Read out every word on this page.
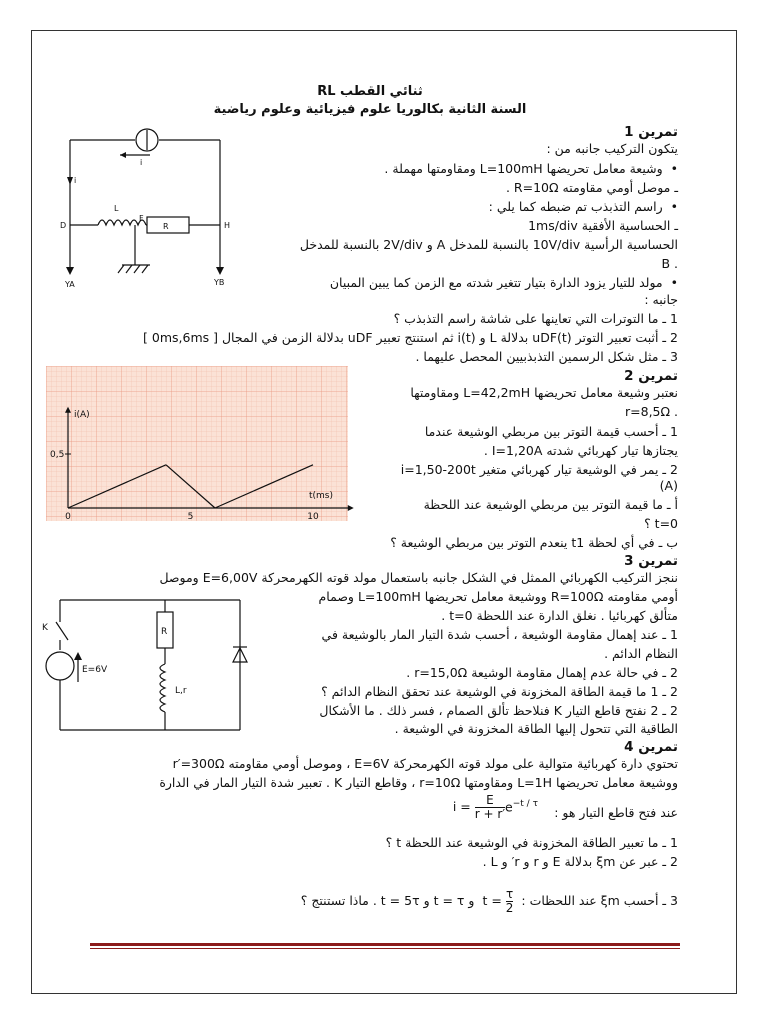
ثنائي القطب RL
السنة الثانية بكالوريا علوم فيزيائية وعلوم رياضية
i
i
L
R
D
F
H
YA	YB
تمرين 1
يتكون التركيب جانبه من :
• وشيعة معامل تحريضها L=100mH ومقاومتها مهملة .
ـ موصل أومي مقاومته R=10Ω .
• راسم التذبذب تم ضبطه كما يلي :
ـ الحساسية الأفقية 1ms/div
الحساسية الرأسية 10V/div بالنسبة للمدخل A و 2V/div بالنسبة للمدخل
. B
• مولد للتيار يزود الدارة بتيار تتغير شدته مع الزمن كما يبين المبيان
جانبه :
1 ـ ما التوترات التي تعاينها على شاشة راسم التذبذب ؟
2 ـ أثبت تعبير التوتر uDF(t) بدلالة L و i(t) ثم استنتج تعبير uDF بدلالة الزمن في المجال [ 0ms,6ms ]
3 ـ مثل شكل الرسمين التذبذبيين المحصل عليهما .
0,5
0	5	10
i(A)
t(ms)
تمرين 2
نعتبر وشيعة معامل تحريضها L=42,2mH ومقاومتها
. r=8,5Ω
1 ـ أحسب قيمة التوتر بين مربطي الوشيعة عندما
يجتازها تيار كهربائي شدته I=1,20A .
2 ـ يمر في الوشيعة تيار كهربائي متغير i=1,50-200t
(A)
أ ـ ما قيمة التوتر بين مربطي الوشيعة عند اللحظة
t=0 ؟
ب ـ في أي لحظة t1 ينعدم التوتر بين مربطي الوشيعة ؟
تمرين 3
ننجز التركيب الكهربائي الممثل في الشكل جانبه باستعمال مولد قوته الكهرمحركة E=6,00V وموصل
أومي مقاومته R=100Ω ووشيعة معامل تحريضها L=100mH وصمام
متألق كهربائيا . نغلق الدارة عند اللحظة t=0 .
1 ـ عند إهمال مقاومة الوشيعة ، أحسب شدة التيار المار بالوشيعة في
النظام الدائم .
2 ـ في حالة عدم إهمال مقاومة الوشيعة r=15,0Ω .
2 ـ 1 ما قيمة الطاقة المخزونة في الوشيعة عند تحقق النظام الدائم ؟
2 ـ 2 نفتح قاطع التيار K فنلاحظ تألق الصمام ، فسر ذلك . ما الأشكال
الطاقية التي تتحول إليها الطاقة المخزونة في الوشيعة .
K
E=6V
R
L,r
تمرين 4
تحتوي دارة كهربائية متوالية على مولد قوته الكهرمحركة E=6V ، وموصل أومي مقاومته r′=300Ω
ووشيعة معامل تحريضها L=1H ومقاومتها r=10Ω ، وقاطع التيار K . تعبير شدة التيار المار في الدارة
عند فتح قاطع التيار هو :
$i = \frac{E}{r + r'} e^{-t / \tau}$
1 ـ ما تعبير الطاقة المخزونة في الوشيعة عند اللحظة t ؟
2 ـ عبر عن ξm بدلالة E و r و r′ و L .
3 ـ أحسب ξm عند اللحظات : $t = \frac{\tau}{2}$
و t = τ و t = 5τ . ماذا تستنتج ؟
